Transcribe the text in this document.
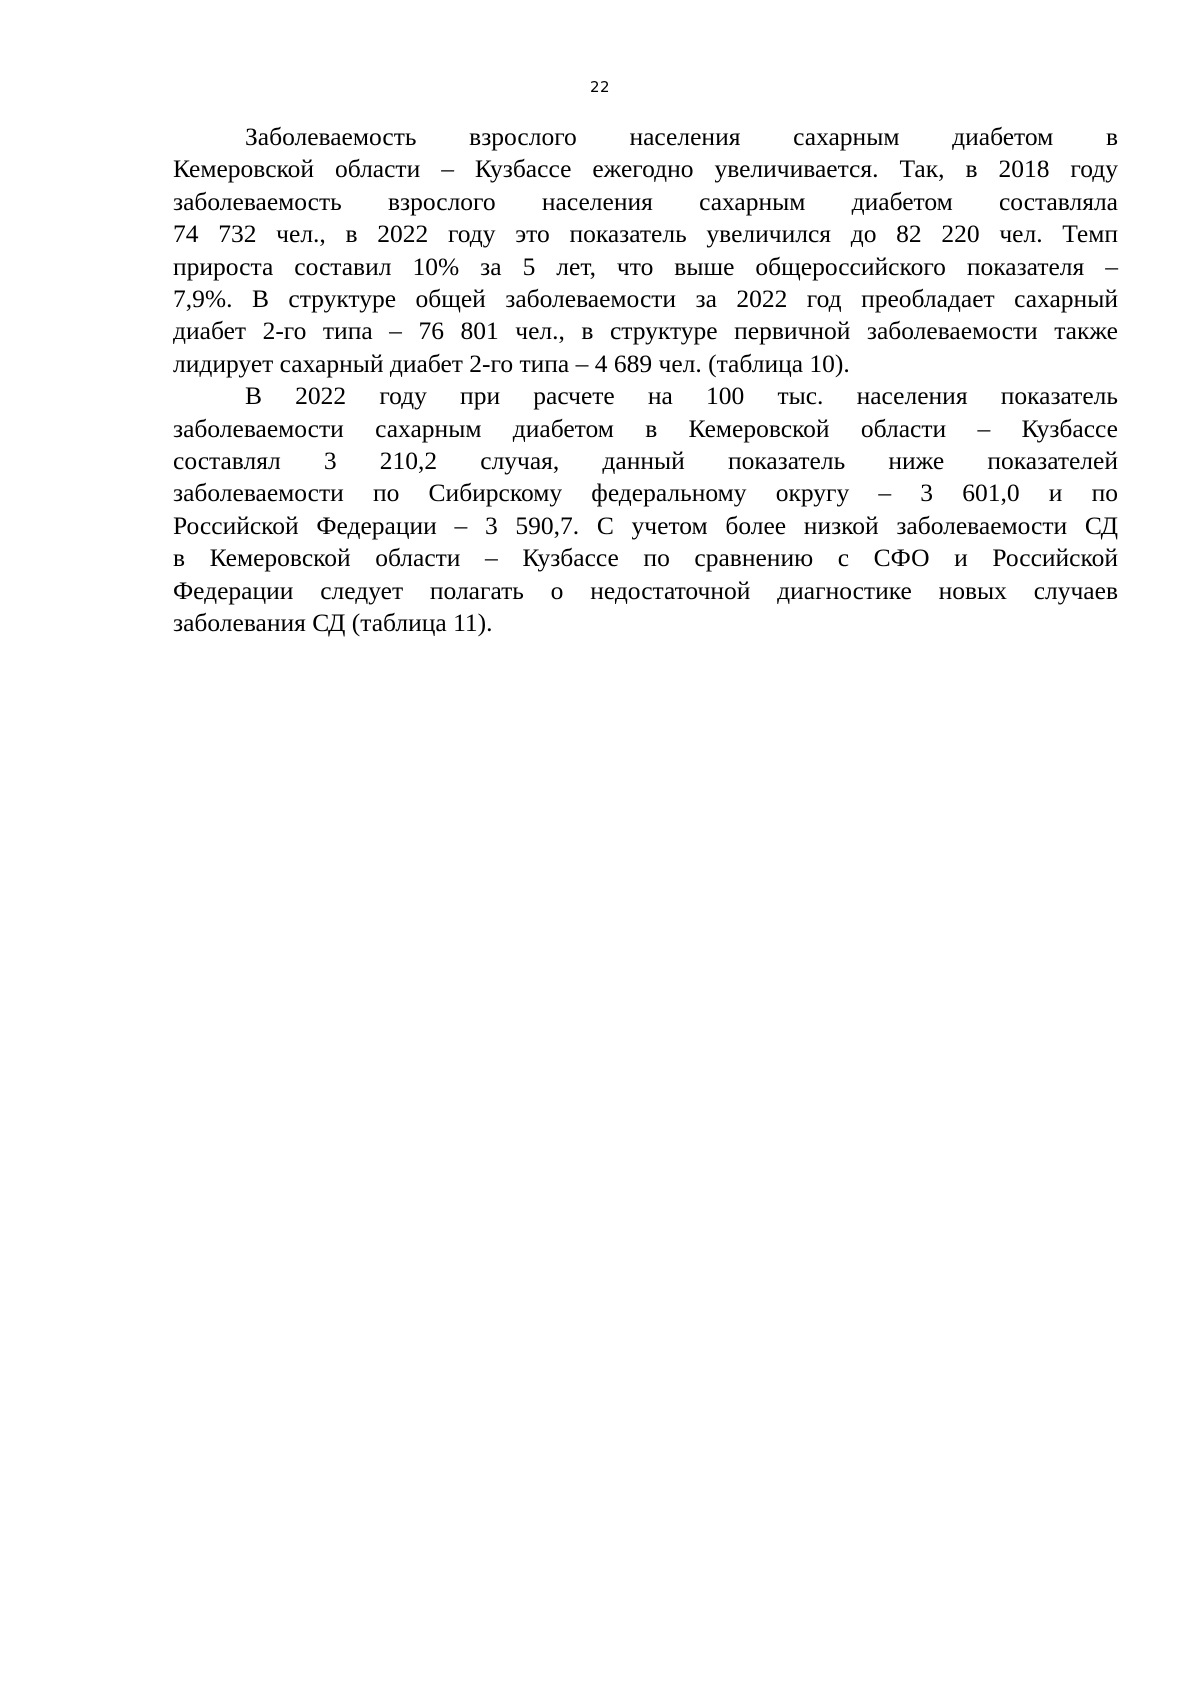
22

Заболеваемость взрослого населения сахарным диабетом в
Кемеровской области – Кузбассе ежегодно увеличивается. Так, в 2018 году
заболеваемость взрослого населения сахарным диабетом составляла
74 732 чел., в 2022 году это показатель увеличился до 82 220 чел. Темп
прироста составил 10% за 5 лет, что выше общероссийского показателя –
7,9%. В структуре общей заболеваемости за 2022 год преобладает сахарный
диабет 2-го типа – 76 801 чел., в структуре первичной заболеваемости также
лидирует сахарный диабет 2-го типа – 4 689 чел. (таблица 10).

В 2022 году при расчете на 100 тыс. населения показатель
заболеваемости сахарным диабетом в Кемеровской области – Кузбассе
составлял 3 210,2 случая, данный показатель ниже показателей
заболеваемости по Сибирскому федеральному округу – 3 601,0 и по
Российской Федерации – 3 590,7. С учетом более низкой заболеваемости СД
в Кемеровской области – Кузбассе по сравнению с СФО и Российской
Федерации следует полагать о недостаточной диагностике новых случаев
заболевания СД (таблица 11).
